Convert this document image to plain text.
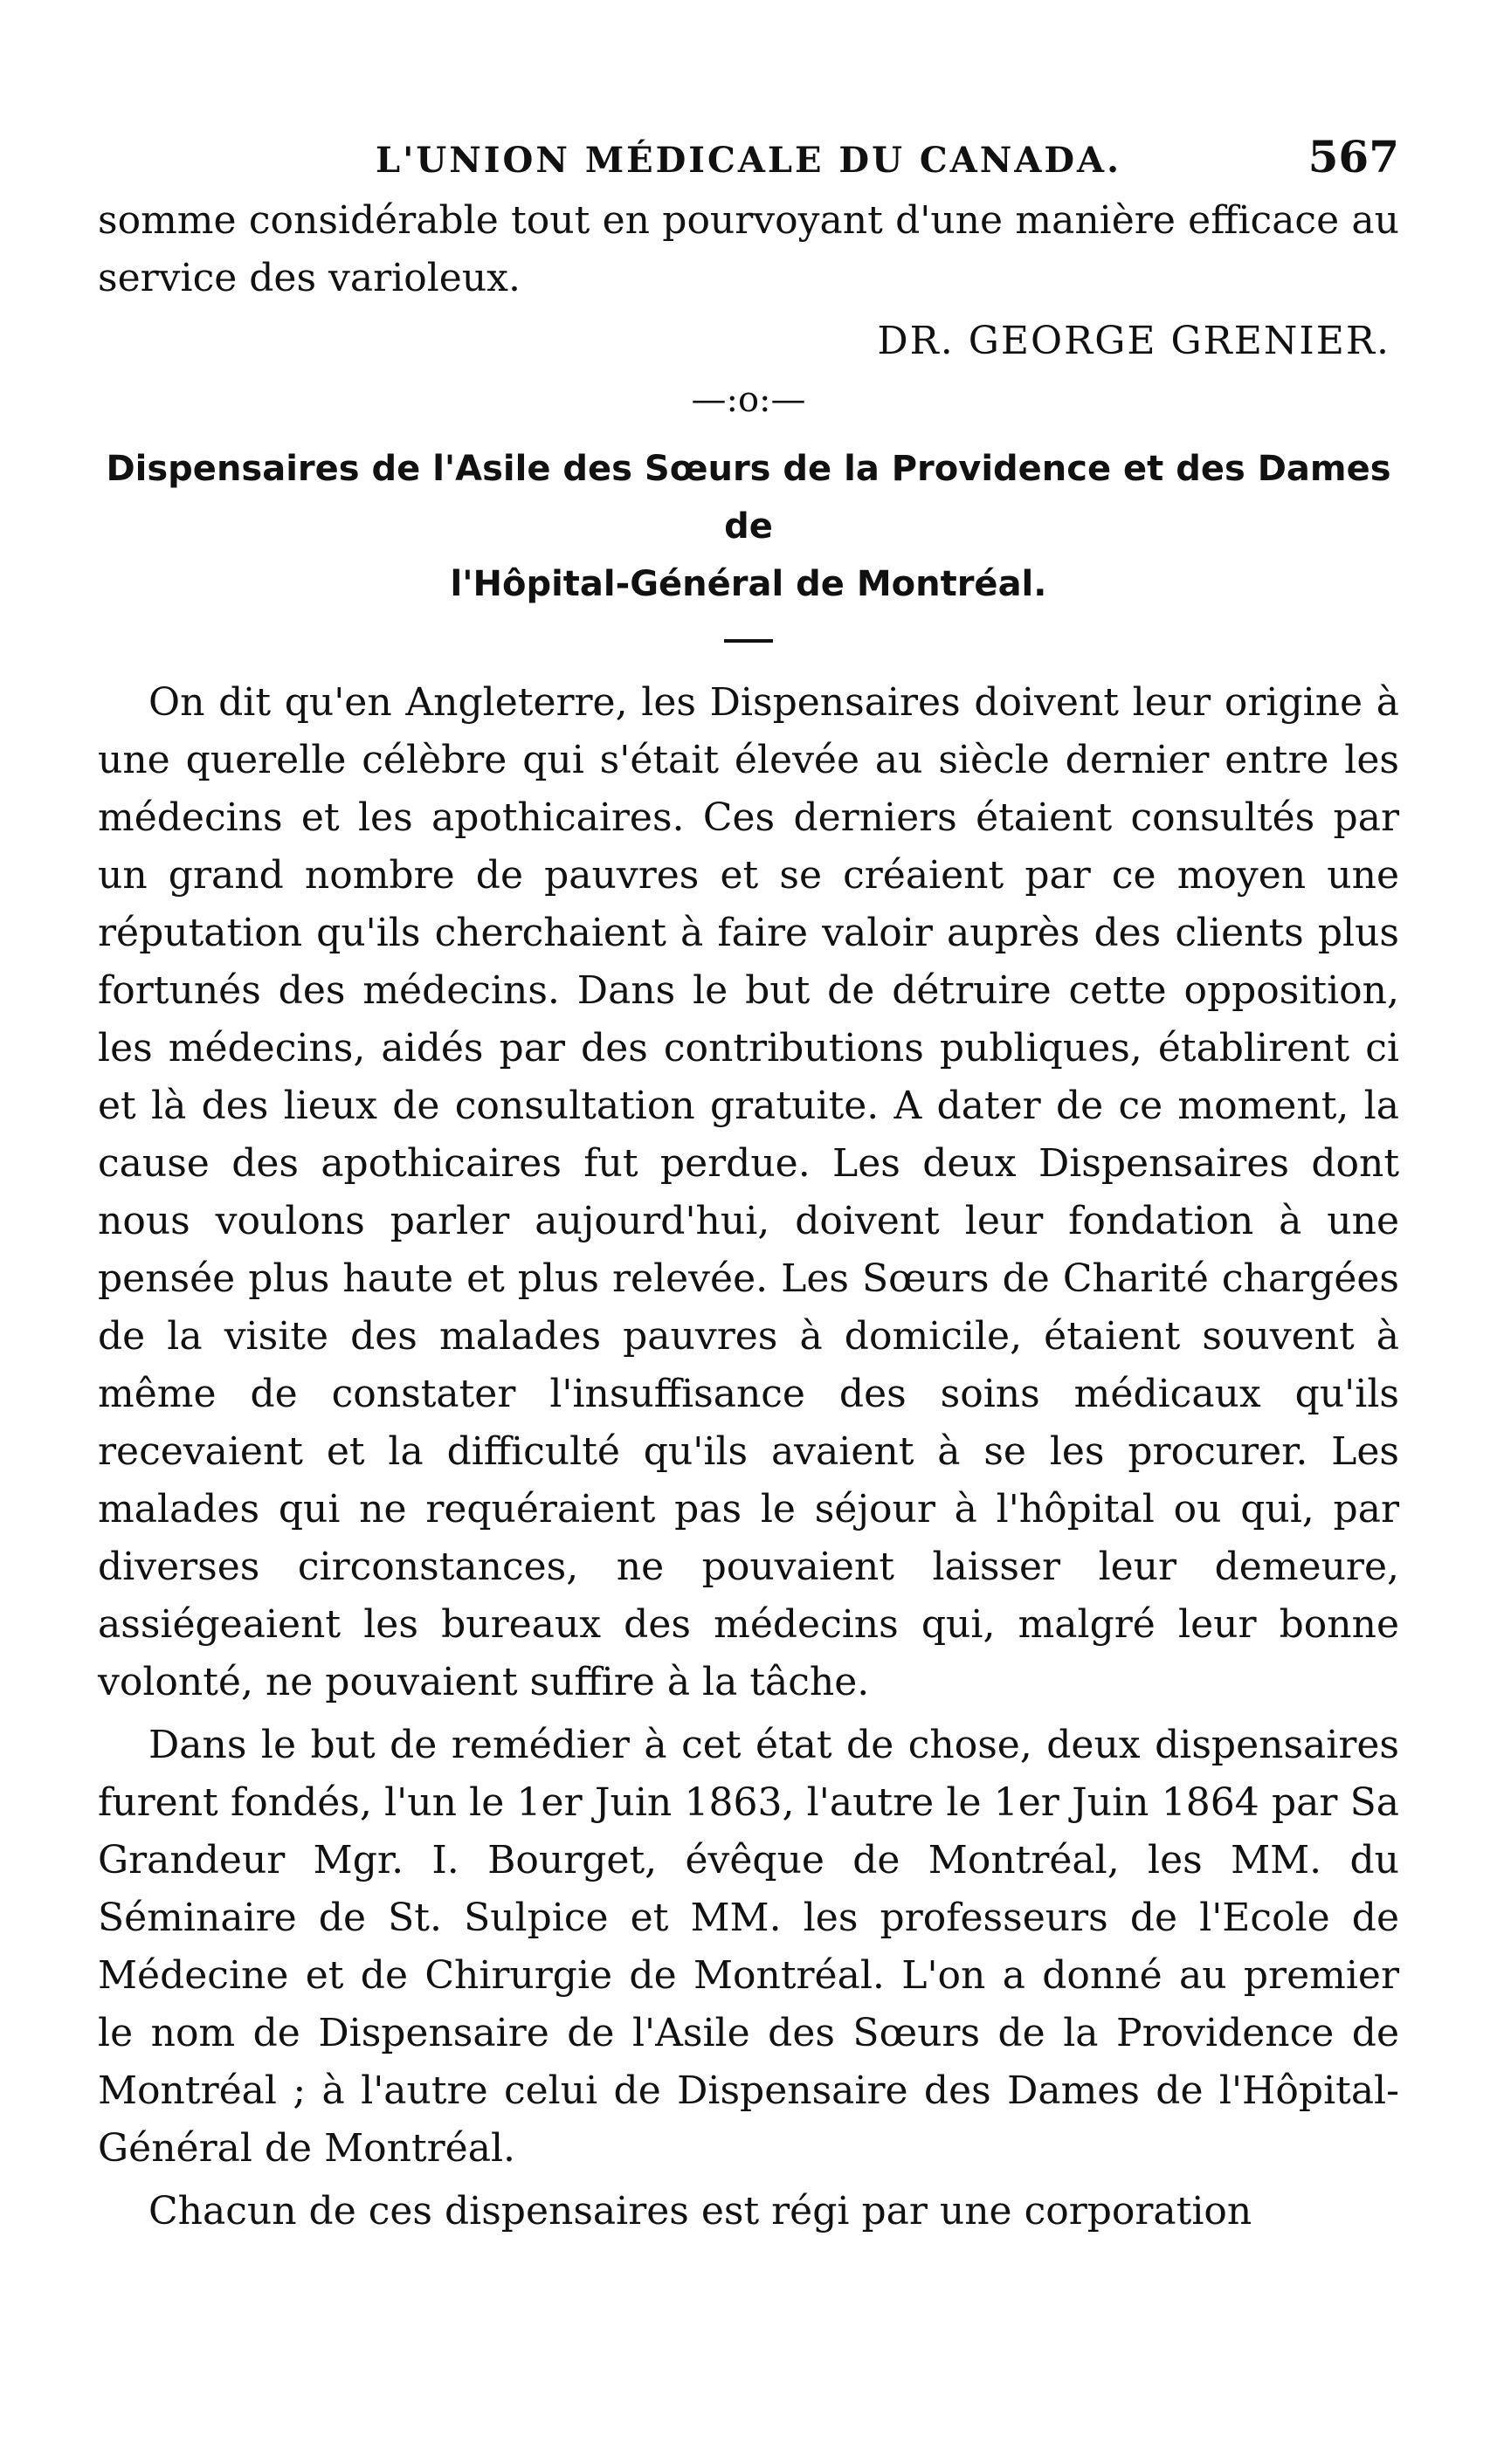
L'UNION MÉDICALE DU CANADA.	567

somme considérable tout en pourvoyant d'une manière efficace au service des varioleux.

DR. GEORGE GRENIER.
—:o:—
Dispensaires de l'Asile des Sœurs de la Providence et des Dames de
l'Hôpital-Général de Montréal.

On dit qu'en Angleterre, les Dispensaires doivent leur origine à une querelle célèbre qui s'était élevée au siècle dernier entre les médecins et les apothicaires. Ces derniers étaient consultés par un grand nombre de pauvres et se créaient par ce moyen une réputation qu'ils cherchaient à faire valoir auprès des clients plus fortunés des médecins. Dans le but de détruire cette opposition, les médecins, aidés par des contributions publiques, établirent ci et là des lieux de consultation gratuite. A dater de ce moment, la cause des apothicaires fut perdue. Les deux Dispensaires dont nous voulons parler aujourd'hui, doivent leur fondation à une pensée plus haute et plus relevée. Les Sœurs de Charité chargées de la visite des malades pauvres à domicile, étaient souvent à même de constater l'insuffisance des soins médicaux qu'ils recevaient et la difficulté qu'ils avaient à se les procurer. Les malades qui ne requéraient pas le séjour à l'hôpital ou qui, par diverses circonstances, ne pouvaient laisser leur demeure, assiégeaient les bureaux des médecins qui, malgré leur bonne volonté, ne pouvaient suffire à la tâche.

Dans le but de remédier à cet état de chose, deux dispensaires furent fondés, l'un le 1er Juin 1863, l'autre le 1er Juin 1864 par Sa Grandeur Mgr. I. Bourget, évêque de Montréal, les MM. du Séminaire de St. Sulpice et MM. les professeurs de l'Ecole de Médecine et de Chirurgie de Montréal. L'on a donné au premier le nom de Dispensaire de l'Asile des Sœurs de la Providence de Montréal ; à l'autre celui de Dispensaire des Dames de l'Hôpital-Général de Montréal.

Chacun de ces dispensaires est régi par une corporation
